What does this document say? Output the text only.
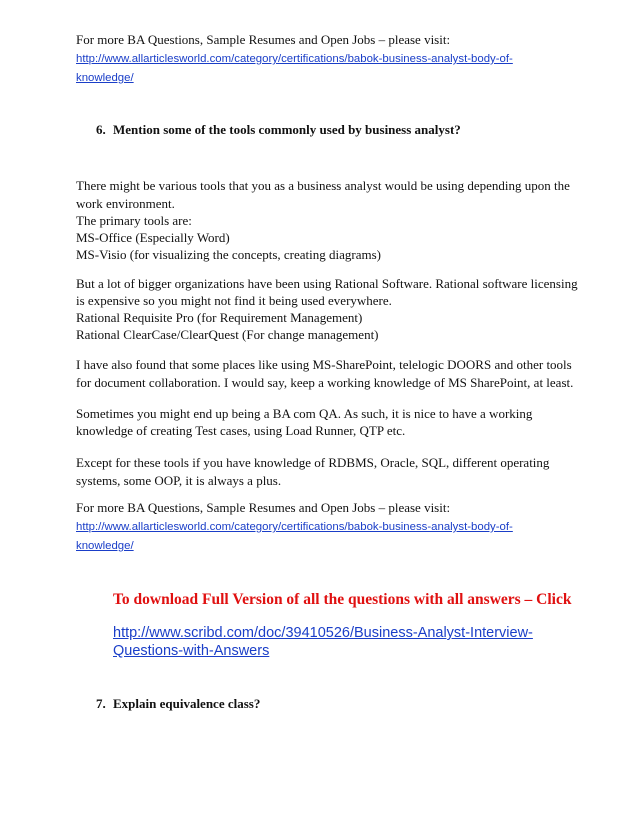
For more BA Questions, Sample Resumes and Open Jobs – please visit:
http://www.allarticlesworld.com/category/certifications/babok-business-analyst-body-of-
knowledge/
6. Mention some of the tools commonly used by business analyst?
There might be various tools that you as a business analyst would be using depending upon the
work environment.
The primary tools are:
MS-Office (Especially Word)
MS-Visio (for visualizing the concepts, creating diagrams)
But a lot of bigger organizations have been using Rational Software. Rational software licensing
is expensive so you might not find it being used everywhere.
Rational Requisite Pro (for Requirement Management)
Rational ClearCase/ClearQuest (For change management)
I have also found that some places like using MS-SharePoint, telelogic DOORS and other tools
for document collaboration. I would say, keep a working knowledge of MS SharePoint, at least.
Sometimes you might end up being a BA com QA. As such, it is nice to have a working
knowledge of creating Test cases, using Load Runner, QTP etc.
Except for these tools if you have knowledge of RDBMS, Oracle, SQL, different operating
systems, some OOP, it is always a plus.
For more BA Questions, Sample Resumes and Open Jobs – please visit:
http://www.allarticlesworld.com/category/certifications/babok-business-analyst-body-of-
knowledge/
To download Full Version of all the questions with all answers – Click
http://www.scribd.com/doc/39410526/Business-Analyst-Interview-
Questions-with-Answers
7. Explain equivalence class?
